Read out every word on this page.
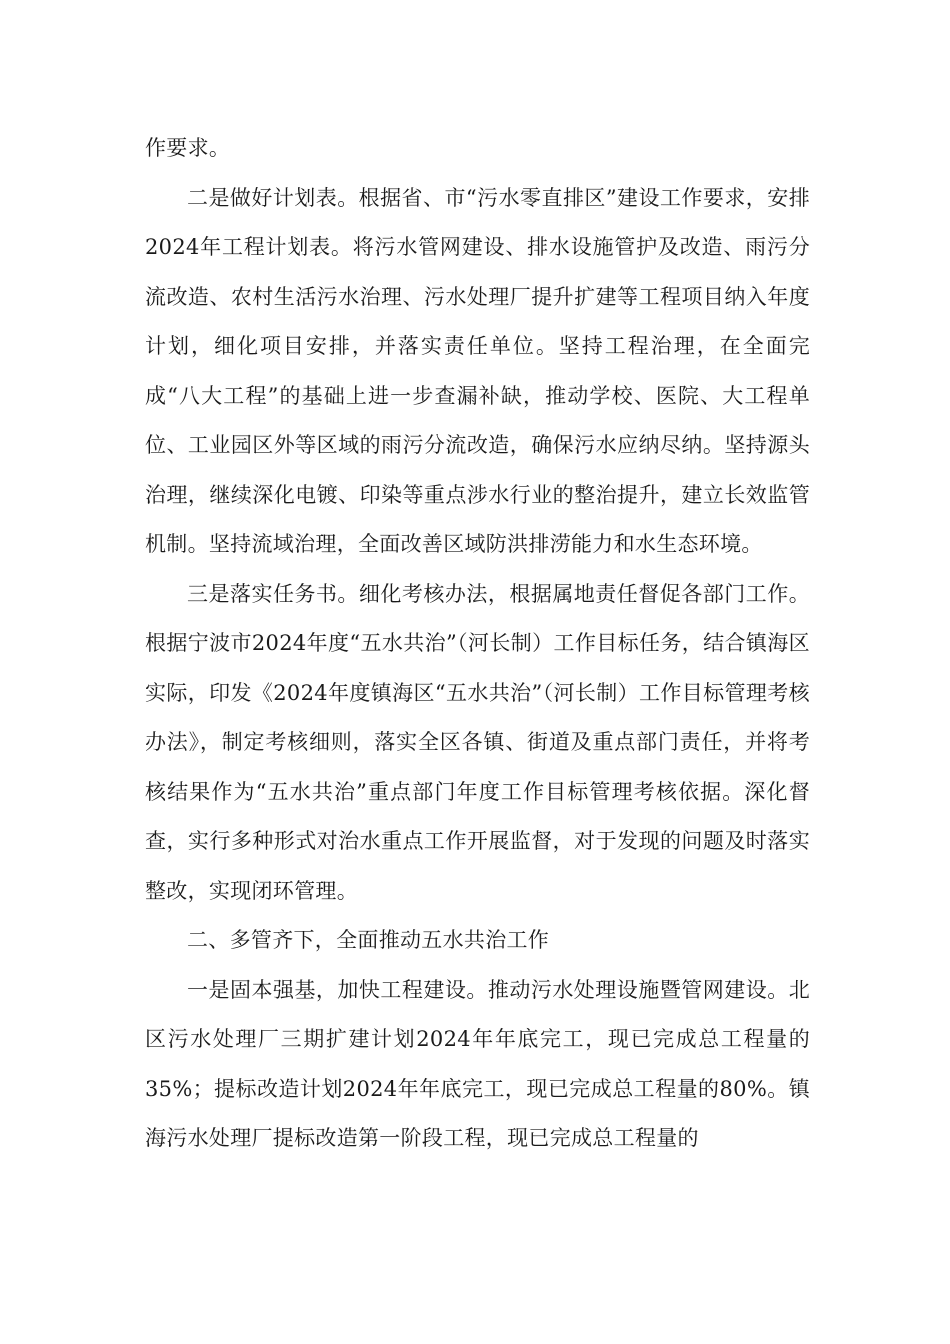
作要求。

二是做好计划表。根据省、市“污水零直排区”建设工作要求，安排2024年工程计划表。将污水管网建设、排水设施管护及改造、雨污分流改造、农村生活污水治理、污水处理厂提升扩建等工程项目纳入年度计划，细化项目安排，并落实责任单位。坚持工程治理，在全面完成“八大工程”的基础上进一步查漏补缺，推动学校、医院、大工程单位、工业园区外等区域的雨污分流改造，确保污水应纳尽纳。坚持源头治理，继续深化电镀、印染等重点涉水行业的整治提升，建立长效监管机制。坚持流域治理，全面改善区域防洪排涝能力和水生态环境。

三是落实任务书。细化考核办法，根据属地责任督促各部门工作。根据宁波市2024年度“五水共治”（河长制）工作目标任务，结合镇海区实际，印发《2024年度镇海区“五水共治”（河长制）工作目标管理考核办法》，制定考核细则，落实全区各镇、街道及重点部门责任，并将考核结果作为“五水共治”重点部门年度工作目标管理考核依据。深化督查，实行多种形式对治水重点工作开展监督，对于发现的问题及时落实整改，实现闭环管理。

二、多管齐下，全面推动五水共治工作

一是固本强基，加快工程建设。推动污水处理设施暨管网建设。北区污水处理厂三期扩建计划2024年年底完工，现已完成总工程量的35%；提标改造计划2024年年底完工，现已完成总工程量的80%。镇海污水处理厂提标改造第一阶段工程，现已完成总工程量的
